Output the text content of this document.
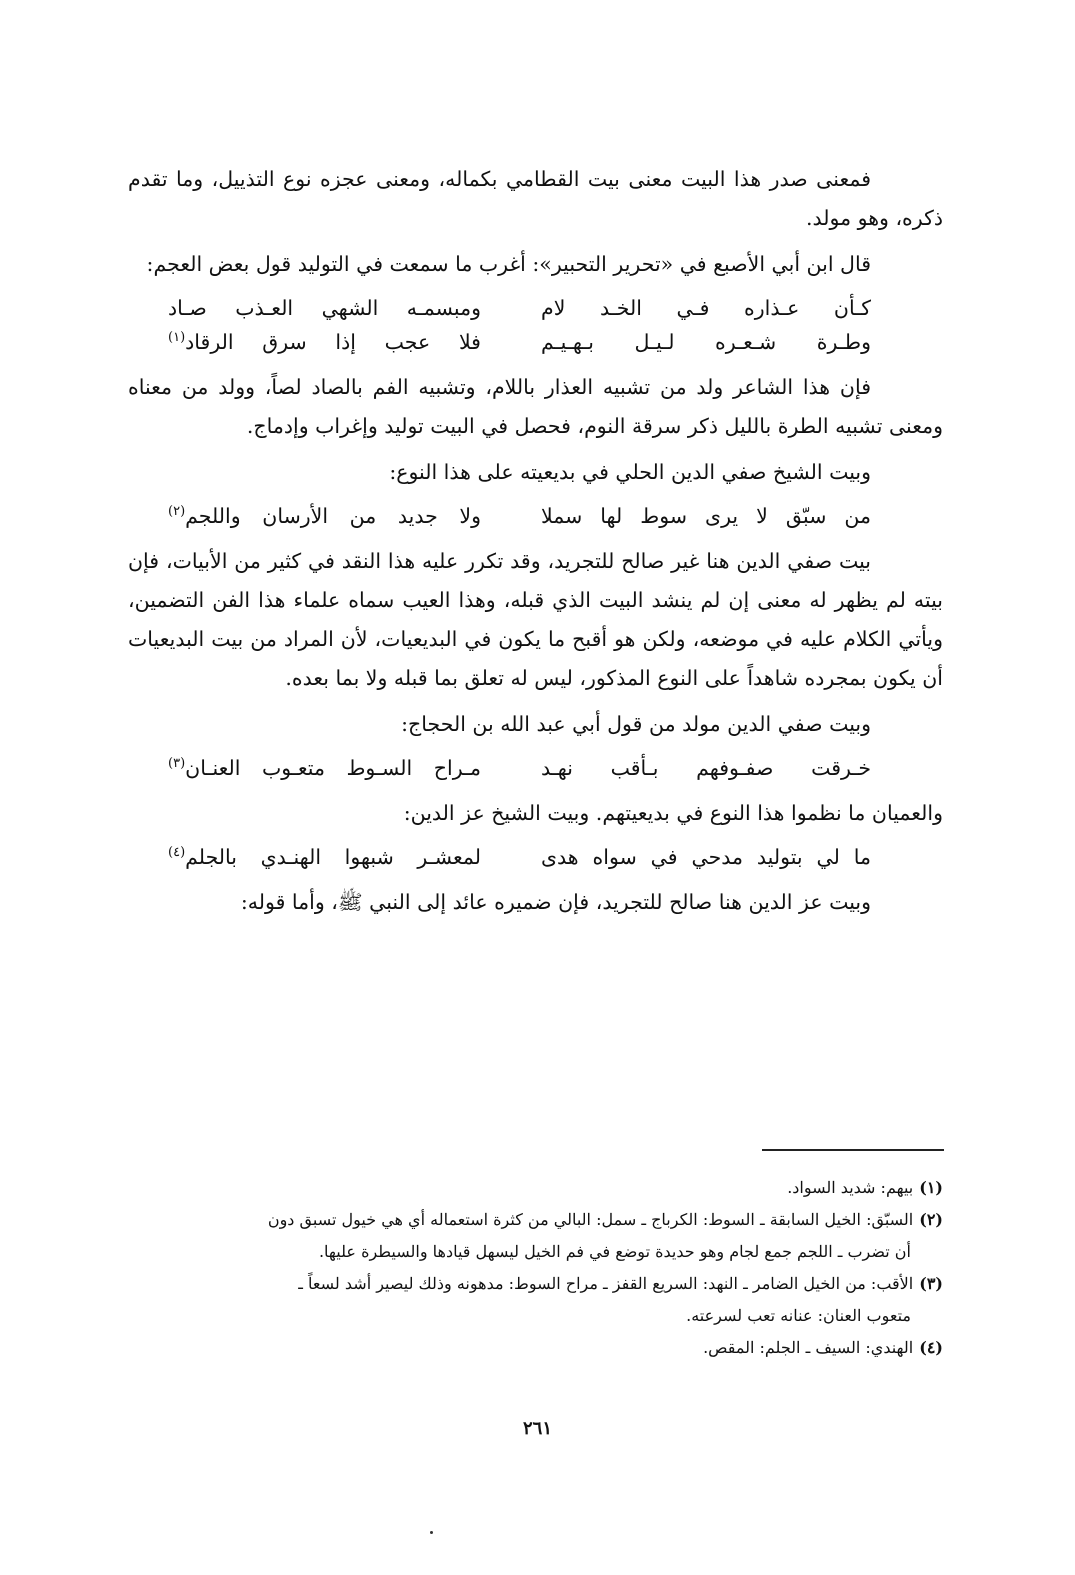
فمعنى صدر هذا البيت معنى بيت القطامي بكماله، ومعنى عجزه نوع التذييل، وما تقدم ذكره، وهو مولد.

قال ابن أبي الأصبع في «تحرير التحبير»: أغرب ما سمعت في التوليد قول بعض العجم:

كـأن عـذاره فـي الخـد لام
ومبسمـه الشهي العـذب صـاد
وطـرة شـعـره لـيـل بـهـيـم
فلا عجب إذا سرق الرقاد$^{(١)}$

فإن هذا الشاعر ولد من تشبيه العذار باللام، وتشبيه الفم بالصاد لصاً، وولد من معناه ومعنى تشبيه الطرة بالليل ذكر سرقة النوم، فحصل في البيت توليد وإغراب وإدماج.

وبيت الشيخ صفي الدين الحلي في بديعيته على هذا النوع:

من سبّق لا يرى سوط لها سملا
ولا جديد من الأرسان واللجم$^{(٢)}$

بيت صفي الدين هنا غير صالح للتجريد، وقد تكرر عليه هذا النقد في كثير من الأبيات، فإن بيته لم يظهر له معنى إن لم ينشد البيت الذي قبله، وهذا العيب سماه علماء هذا الفن التضمين، ويأتي الكلام عليه في موضعه، ولكن هو أقبح ما يكون في البديعيات، لأن المراد من بيت البديعيات أن يكون بمجرده شاهداً على النوع المذكور، ليس له تعلق بما قبله ولا بما بعده.

وبيت صفي الدين مولد من قول أبي عبد الله بن الحجاج:

خـرقت صفـوفهم بـأقب نهـد
مـراح السـوط متعـوب العنـان$^{(٣)}$

والعميان ما نظموا هذا النوع في بديعيتهم. وبيت الشيخ عز الدين:

ما لي بتوليد مدحي في سواه هدى
لمعشـر شبهوا الهنـدي بالجلم$^{(٤)}$

وبيت عز الدين هنا صالح للتجريد، فإن ضميره عائد إلى النبي ﷺ، وأما قوله:

(١)بيهم: شديد السواد.

(٢)السبّق: الخيل السابقة ـ السوط: الكرباج ـ سمل: البالي من كثرة استعماله أي هي خيول تسبق دون
أن تضرب ـ اللجم جمع لجام وهو حديدة توضع في فم الخيل ليسهل قيادها والسيطرة عليها.

(٣)الأقب: من الخيل الضامر ـ النهد: السريع القفز ـ مراح السوط: مدهونه وذلك ليصير أشد لسعاً ـ
متعوب العنان: عنانه تعب لسرعته.

(٤)الهندي: السيف ـ الجلم: المقص.

٢٦١
